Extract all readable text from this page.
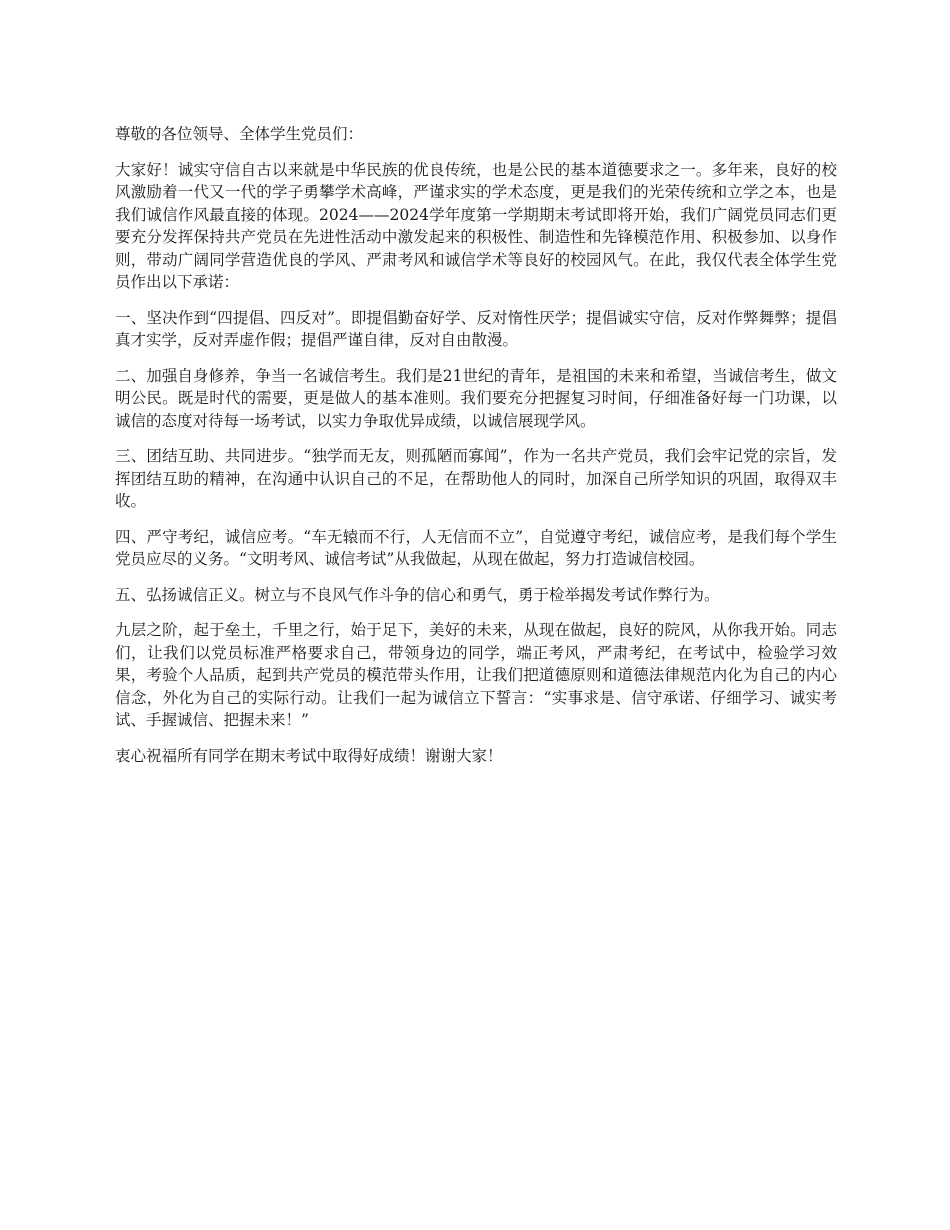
尊敬的各位领导、全体学生党员们：

大家好！诚实守信自古以来就是中华民族的优良传统，也是公民的基本道德要求之一。多年来，良好的校风激励着一代又一代的学子勇攀学术高峰，严谨求实的学术态度，更是我们的光荣传统和立学之本，也是我们诚信作风最直接的体现。2024——2024学年度第一学期期末考试即将开始，我们广阔党员同志们更要充分发挥保持共产党员在先进性活动中激发起来的积极性、制造性和先锋模范作用、积极参加、以身作则，带动广阔同学营造优良的学风、严肃考风和诚信学术等良好的校园风气。在此，我仅代表全体学生党员作出以下承诺：

一、坚决作到“四提倡、四反对”。即提倡勤奋好学、反对惰性厌学；提倡诚实守信，反对作弊舞弊；提倡真才实学，反对弄虚作假；提倡严谨自律，反对自由散漫。

二、加强自身修养，争当一名诚信考生。我们是21世纪的青年，是祖国的未来和希望，当诚信考生，做文明公民。既是时代的需要，更是做人的基本准则。我们要充分把握复习时间，仔细准备好每一门功课，以诚信的态度对待每一场考试，以实力争取优异成绩，以诚信展现学风。

三、团结互助、共同进步。“独学而无友，则孤陋而寡闻”，作为一名共产党员，我们会牢记党的宗旨，发挥团结互助的精神，在沟通中认识自己的不足，在帮助他人的同时，加深自己所学知识的巩固，取得双丰收。

四、严守考纪，诚信应考。“车无辕而不行，人无信而不立”，自觉遵守考纪，诚信应考，是我们每个学生党员应尽的义务。“文明考风、诚信考试”从我做起，从现在做起，努力打造诚信校园。

五、弘扬诚信正义。树立与不良风气作斗争的信心和勇气，勇于检举揭发考试作弊行为。

九层之阶，起于垒土，千里之行，始于足下，美好的未来，从现在做起，良好的院风，从你我开始。同志们，让我们以党员标准严格要求自己，带领身边的同学，端正考风，严肃考纪，在考试中，检验学习效果，考验个人品质，起到共产党员的模范带头作用，让我们把道德原则和道德法律规范内化为自己的内心信念，外化为自己的实际行动。让我们一起为诚信立下誓言：“实事求是、信守承诺、仔细学习、诚实考试、手握诚信、把握未来！”

衷心祝福所有同学在期末考试中取得好成绩！谢谢大家！
